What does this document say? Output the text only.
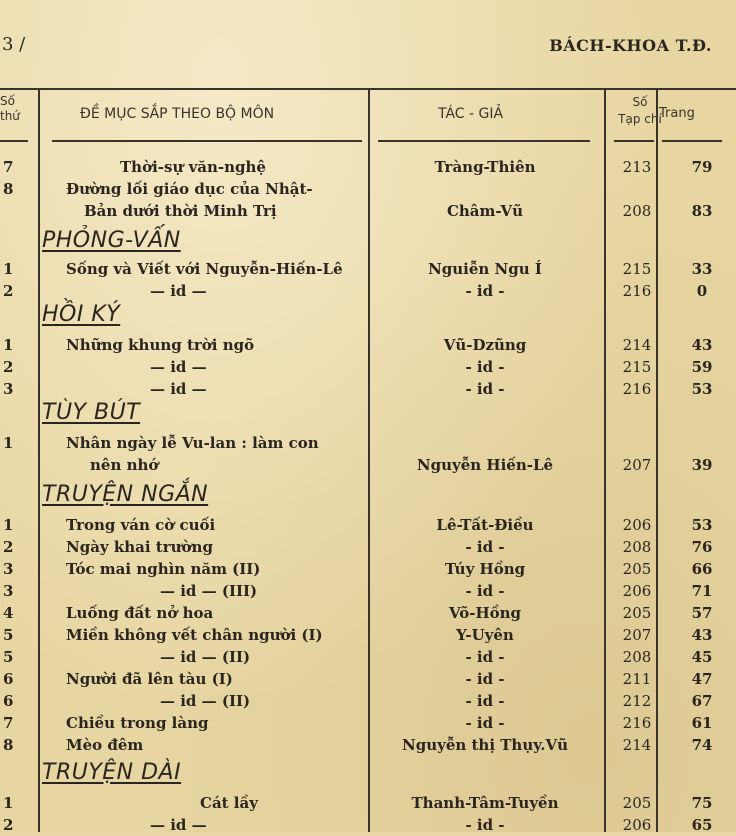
3 /	BÁCH-KHOA T.Đ.
Số
thứ	ĐỀ MỤC SẮP THEO BỘ MÔN	TÁC - GIẢ
Số
Tạp chí
Trang
PHỎNG-VẤN
HỒI KÝ
TÙY BÚT
TRUYỆN NGẮN
TRUYỆN DÀI
7	Thời-sự văn-nghệ	Tràng-Thiên	213	79
8	Đường lối giáo dục của Nhật-
Bản dưới thời Minh Trị	Châm-Vũ	208	83
1	Sống và Viết với Nguyễn-Hiến-Lê	Nguiễn Ngu Í	215	33
2	— id —	- id -	216	0
1	Những khung trời ngõ	Vũ-Dzũng	214	43
2	— id —	- id -	215	59
3	— id —	- id -	216	53
1	Nhân ngày lễ Vu-lan : làm con
nên nhớ	Nguyễn Hiến-Lê	207	39
1	Trong ván cờ cuối	Lê-Tất-Điều	206	53
2	Ngày khai trường	- id -	208	76
3	Tóc mai nghìn năm (II)	Túy Hồng	205	66
3	— id — (III)	- id -	206	71
4	Luống đất nở hoa	Võ-Hồng	205	57
5	Miền không vết chân người (I)	Y-Uyên	207	43
5	— id — (II)	- id -	208	45
6	Người đã lên tàu (I)	- id -	211	47
6	— id — (II)	- id -	212	67
7	Chiều trong làng	- id -	216	61
8	Mèo đêm	Nguyễn thị Thụy.Vũ	214	74
1	Cát lầy	Thanh-Tâm-Tuyền	205	75
2	— id —	- id -	206	65
